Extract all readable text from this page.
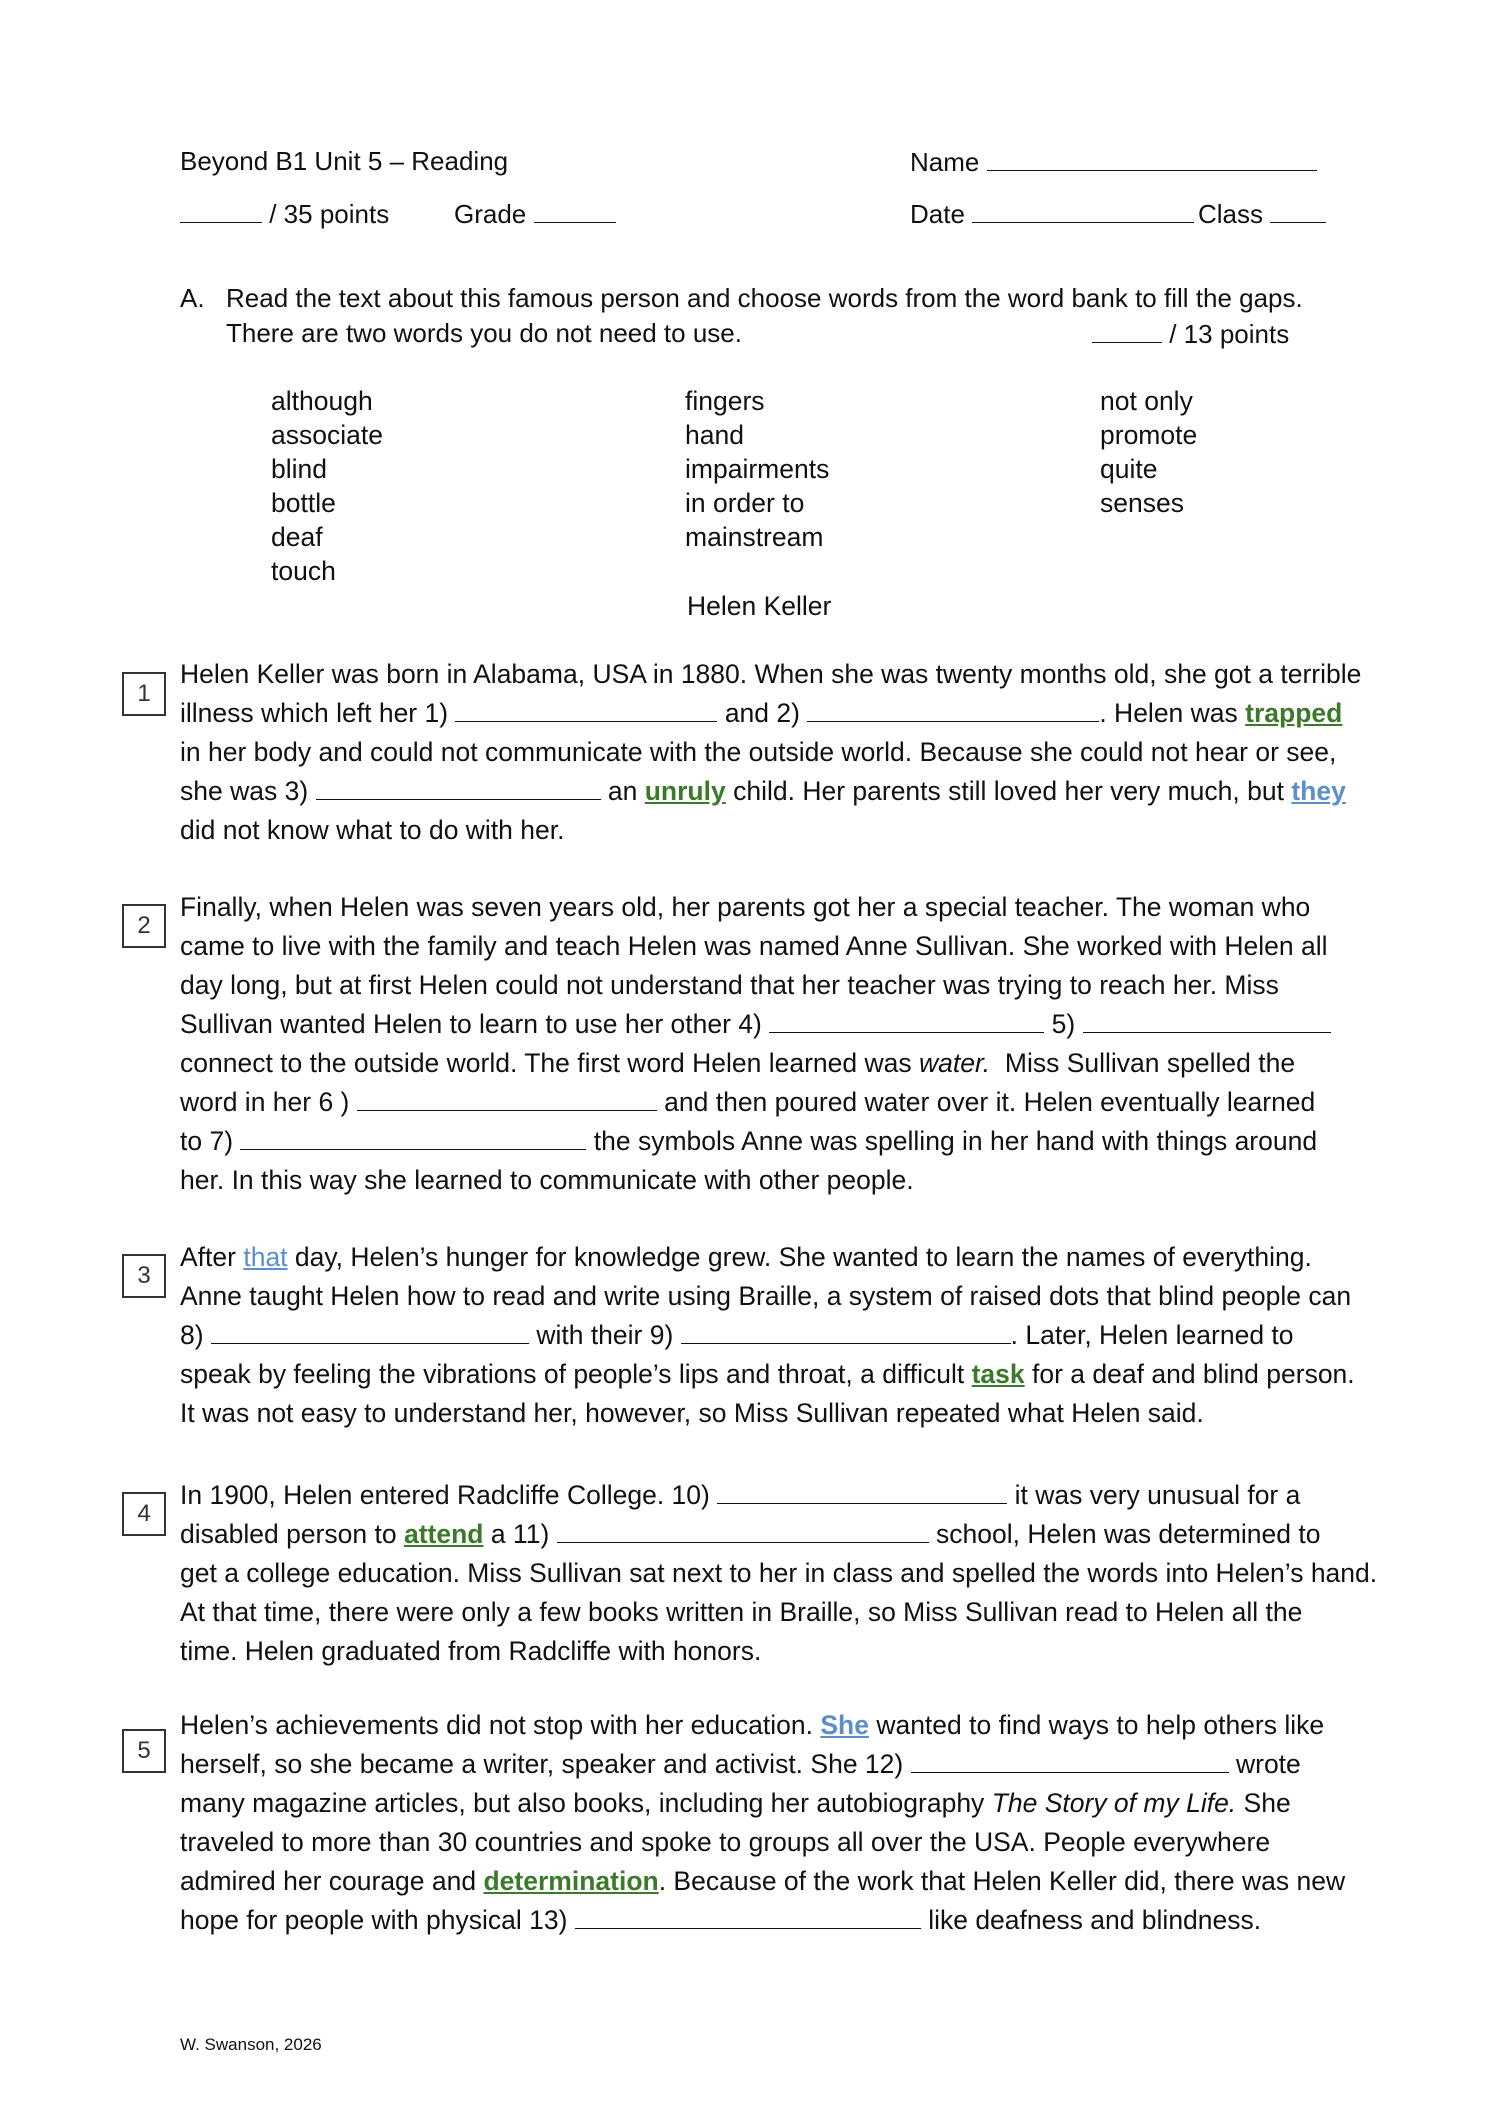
Beyond B1 Unit 5 – Reading	Name
/ 35 points Grade	Date	Class
A. Read the text about this famous person and choose words from the word bank to fill the gaps.
There are two words you do not need to use.	/ 13 points
although
associate
blind
bottle
deaf
touch
fingers
hand
impairments
in order to
mainstream
not only
promote
quite
senses
Helen Keller
1
Helen Keller was born in Alabama, USA in 1880. When she was twenty months old, she got a terrible
illness which left her 1)	and 2)	. Helen was trapped
in her body and could not communicate with the outside world. Because she could not hear or see,
she was 3)	an unruly child. Her parents still loved her very much, but they
did not know what to do with her.
2
Finally, when Helen was seven years old, her parents got her a special teacher. The woman who
came to live with the family and teach Helen was named Anne Sullivan. She worked with Helen all
day long, but at first Helen could not understand that her teacher was trying to reach her. Miss
Sullivan wanted Helen to learn to use her other 4)	5)
connect to the outside world. The first word Helen learned was water. Miss Sullivan spelled the
word in her 6 )	and then poured water over it. Helen eventually learned
to 7)	the symbols Anne was spelling in her hand with things around
her. In this way she learned to communicate with other people.
3
After that day, Helen’s hunger for knowledge grew. She wanted to learn the names of everything.
Anne taught Helen how to read and write using Braille, a system of raised dots that blind people can
8)	with their 9)	. Later, Helen learned to
speak by feeling the vibrations of people’s lips and throat, a difficult task for a deaf and blind person.
It was not easy to understand her, however, so Miss Sullivan repeated what Helen said.
4
In 1900, Helen entered Radcliffe College. 10)	it was very unusual for a
disabled person to attend a 11)	school, Helen was determined to
get a college education. Miss Sullivan sat next to her in class and spelled the words into Helen’s hand.
At that time, there were only a few books written in Braille, so Miss Sullivan read to Helen all the
time. Helen graduated from Radcliffe with honors.
5
Helen’s achievements did not stop with her education. She wanted to find ways to help others like
herself, so she became a writer, speaker and activist. She 12)	wrote
many magazine articles, but also books, including her autobiography The Story of my Life. She
traveled to more than 30 countries and spoke to groups all over the USA. People everywhere
admired her courage and determination. Because of the work that Helen Keller did, there was new
hope for people with physical 13)	like deafness and blindness.
W. Swanson, 2026
